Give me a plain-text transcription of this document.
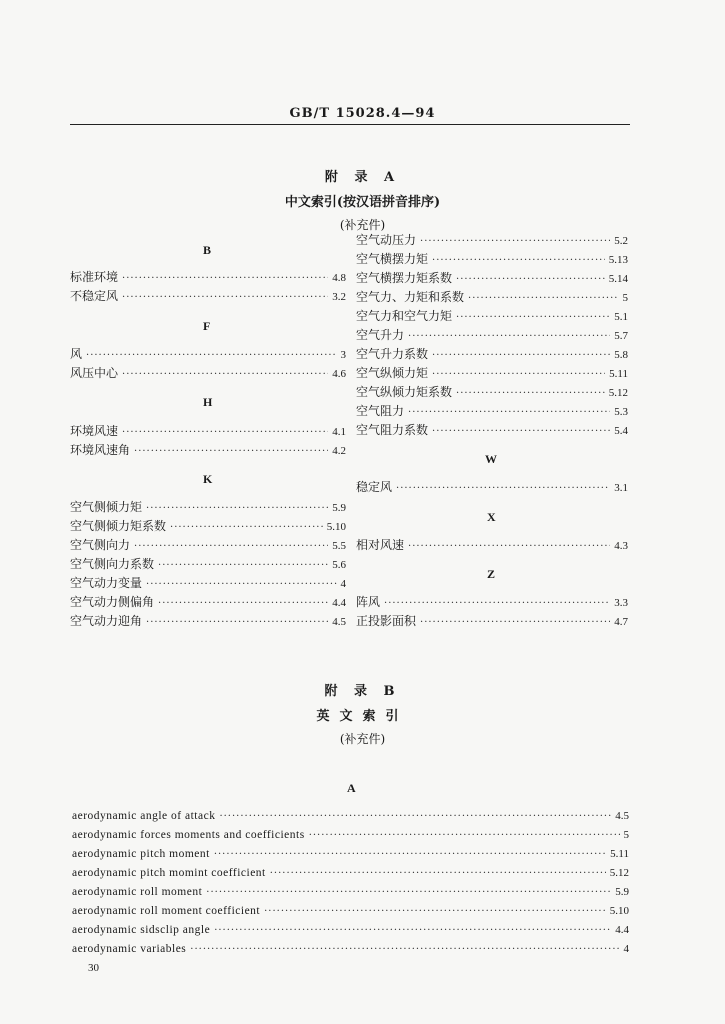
GB/T 15028.4—94
附 录 A
中文索引(按汉语拼音排序)
(补充件)
B
标准环境 ·····	4.8
不稳定风 ·····	3.2
F
风 ·····	3
风压中心 ·····	4.6
H
环境风速 ·····	4.1
环境风速角 ·····	4.2
K
空气侧倾力矩 ·····	5.9
空气侧倾力矩系数 ·····	5.10
空气侧向力 ·····	5.5
空气侧向力系数 ·····	5.6
空气动力变量 ·····	4
空气动力侧偏角 ·····	4.4
空气动力迎角 ·····	4.5
空气动压力 ·····	5.2
空气横摆力矩 ·····	5.13
空气横摆力矩系数 ·····	5.14
空气力、力矩和系数 ·····	5
空气力和空气力矩 ·····	5.1
空气升力 ·····	5.7
空气升力系数 ·····	5.8
空气纵倾力矩 ·····	5.11
空气纵倾力矩系数 ·····	5.12
空气阻力 ·····	5.3
空气阻力系数 ·····	5.4
W
稳定风 ·····	3.1
X
相对风速 ·····	4.3
Z
阵风 ·····	3.3
正投影面积 ·····	4.7
附 录 B
英文索引
(补充件)
A
aerodynamic angle of attack ·····	4.5
aerodynamic forces moments and coefficients ·····	5
aerodynamic pitch moment ·····	5.11
aerodynamic pitch momint coefficient ·····	5.12
aerodynamic roll moment ·····	5.9
aerodynamic roll moment coefficient ·····	5.10
aerodynamic sidsclip angle ·····	4.4
aerodynamic variables ·····	4
30
